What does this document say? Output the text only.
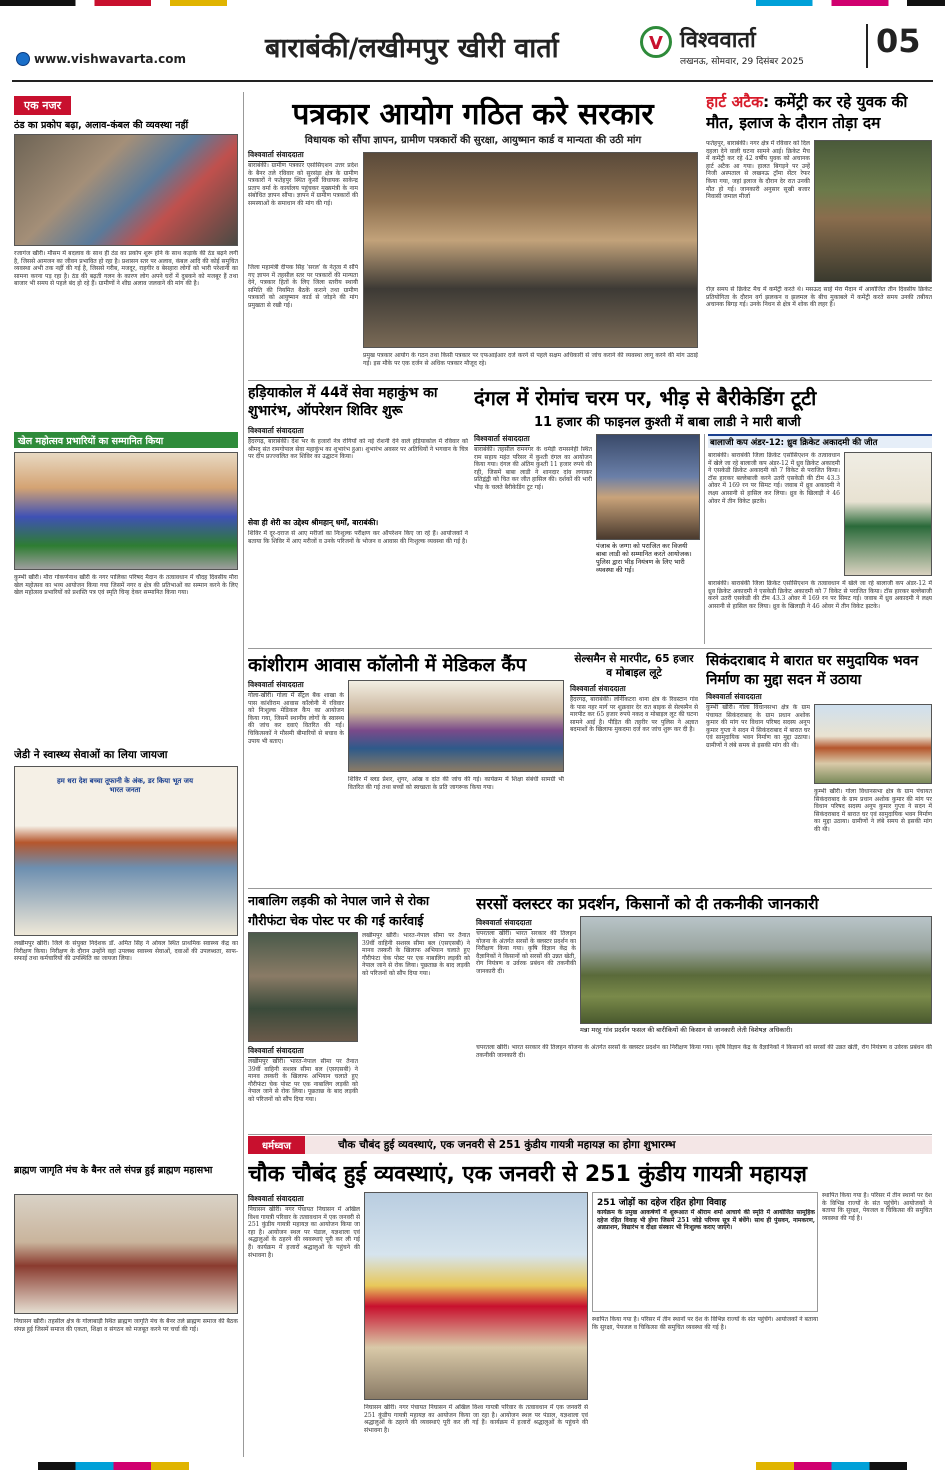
www.vishwavarta.com	बाराबंकी/लखीमपुर खीरी वार्ता	V विश्ववार्ता
लखनऊ, सोमवार, 29 दिसंबर 2025
05
एक नजर
ठंड का प्रकोप बढ़ा, अलाव-कंबल की व्यवस्था नहीं
रजागंज खीरी। मौसम में बदलाव के साथ ही ठंड का प्रकोप शुरू होने के साथ कड़ाके की ठंड बढ़ने लगी है, जिससे आमजन का जीवन प्रभावित हो रहा है। प्रशासन स्तर पर अलाव, कंबल आदि की कोई समुचित व्यवस्था अभी तक नहीं की गई है, जिससे गरीब, मजदूर, राहगीर व बेसहारा लोगों को भारी परेशानी का सामना करना पड़ रहा है। ठंड की बढ़ती गलन के कारण लोग अपने घरों में दुबकने को मजबूर हैं तथा बाजार भी समय से पहले बंद हो रहे हैं। ग्रामीणों ने शीघ्र अलाव जलवाने की मांग की है।
खेल महोत्सव प्रभारियों का सम्मानित किया
कुम्भी खीरी। मौरा गोकर्णनाथ खीरी के नगर पालिका परिषद मैदान के तत्वावधान में चौदह दिवसीय मौरा खेल महोत्सव का भव्य आयोजन किया गया जिसमें नगर व क्षेत्र की प्रतिभाओं का सम्मान करने के लिए खेल महोत्सव प्रभारियों को प्रशस्ति पत्र एवं स्मृति चिन्ह देकर सम्मानित किया गया।
जेडी ने स्वास्थ्य सेवाओं का लिया जायजा
हम धरा देश बच्चा तूफानी के अंक, डर किया भूत जय भारत जनता
लखीमपुर खीरी। जिले के संयुक्त निदेशक डॉ. अमित सिंह ने ओयल स्थित प्राथमिक स्वास्थ्य केंद्र का निरीक्षण किया। निरीक्षण के दौरान उन्होंने वहां उपलब्ध स्वास्थ्य सेवाओं, दवाओं की उपलब्धता, साफ-सफाई तथा कर्मचारियों की उपस्थिति का जायजा लिया।
ब्राह्मण जागृति मंच के बैनर तले संपन्न हुई ब्राह्मण महासभा
निघासन खीरी। तहसील क्षेत्र के गोलाबाड़ी स्थित ब्राह्मण जागृति मंच के बैनर तले ब्राह्मण समाज की बैठक संपन्न हुई जिसमें समाज की एकता, शिक्षा व संगठन को मजबूत करने पर चर्चा की गई।
पत्रकार आयोग गठित करे सरकार
विधायक को सौंपा ज्ञापन, ग्रामीण पत्रकारों की सुरक्षा, आयुष्मान कार्ड व मान्यता की उठी मांग
विश्ववार्ता संवाददाता
बाराबंकी। ग्रामीण पत्रकार एसोसिएशन उत्तर प्रदेश के बैनर तले रविवार को सुरसंड़ा क्षेत्र के ग्रामीण पत्रकारों ने फतेहपुर स्थित कुर्सी विधायक साकेन्द्र प्रताप वर्मा के कार्यालय पहुंचकर मुख्यमंत्री के नाम संबोधित ज्ञापन सौंपा। ज्ञापन में ग्रामीण पत्रकारों की समस्याओं के समाधान की मांग की गई।
जिला महामंत्री दीपक सिंह 'सरल' के नेतृत्व में सौंपे गए ज्ञापन में तहसील स्तर पर पत्रकारों की मान्यता देने, पत्रकार हितों के लिए जिला स्तरीय स्थायी समिति की नियमित बैठकें कराने तथा ग्रामीण पत्रकारों को आयुष्मान कार्ड से जोड़ने की मांग प्रमुखता से रखी गई।
प्रमुख पत्रकार आयोग के गठन तथा किसी पत्रकार पर एफआईआर दर्ज करने से पहले सक्षम अधिकारी से जांच कराने की व्यवस्था लागू करने की मांग उठाई गई। इस मौके पर एक दर्जन से अधिक पत्रकार मौजूद रहे।
हार्ट अटैक: कमेंट्री कर रहे युवक की मौत, इलाज के दौरान तोड़ा दम
फतेहपुर, बाराबंकी। नगर क्षेत्र में रविवार को दिल दहला देने वाली घटना सामने आई। क्रिकेट मैच में कमेंट्री कर रहे 42 वर्षीय युवक को अचानक हार्ट अटैक आ गया। हालत बिगड़ने पर उन्हें निजी अस्पताल से लखनऊ ट्रॉमा सेंटर रेफर किया गया, जहां इलाज के दौरान देर रात उनकी मौत हो गई। जानकारी अनुसार सूखी बजार निवासी जमाल मीर्जा
रोज़ समय से क्रिकेट मैच में कमेंट्री करते थे। मसऊद साहे मेरा मैदान में आयोजित तीन दिवसीय क्रिकेट प्रतियोगिता के दौरान वर्ग झलकन व झलमल के बीच मुकाबले में कमेंट्री करते समय उनकी तबीयत अचानक बिगड़ गई। उनके निधन से क्षेत्र में शोक की लहर है।
हड़ियाकोल में 44वें सेवा महाकुंभ का शुभारंभ, ऑपरेशन शिविर शुरू
विश्ववार्ता संवाददाता
हैदरगढ़, बाराबंकी। देश भर के हजारों नेत्र रोगियों को नई रोशनी देने वाले हड़ियाकोल में रविवार को श्रीमद् संत रामगोपाल सेवा महाकुंभ का शुभारंभ हुआ। शुभारंभ अवसर पर अतिथियों ने भगवान के चित्र पर दीप प्रज्ज्वलित कर शिविर का उद्घाटन किया।
सेवा ही शेरी का उद्देश्य श्रीमहान् धर्मों, बाराबंकी।
शिविर में दूर-दराज से आए मरीजों का निःशुल्क परीक्षण कर ऑपरेशन किए जा रहे हैं। आयोजकों ने बताया कि शिविर में आए मरीजों व उनके परिजनों के भोजन व आवास की निःशुल्क व्यवस्था की गई है।
दंगल में रोमांच चरम पर, भीड़ से बैरीकेडिंग टूटी
11 हजार की फाइनल कुश्ती में बाबा लाडी ने मारी बाजी
विश्ववार्ता संवाददाता
बाराबंकी। तहसील रामनगर के धमेड़ी रामसनेही स्थित राम सहाय महंत परिसर में कुश्ती दंगल का आयोजन किया गया। दंगल की अंतिम कुश्ती 11 हजार रुपये की रही, जिसमें बाबा लाडी ने शानदार दांव लगाकर प्रतिद्वंद्वी को चित कर जीत हासिल की। दर्शकों की भारी भीड़ के चलते बैरीकेडिंग टूट गई।
पंजाब के जग्गा को पराजित कर विजयी बाबा लाडी को सम्मानित करते आयोजक। पुलिस द्वारा भीड़ नियंत्रण के लिए भारी व्यवस्था की गई।
बालाजी कप अंडर-12: ध्रुव क्रिकेट अकादमी की जीत
बाराबंकी। बाराबंकी जिला क्रिकेट एसोसिएशन के तत्वावधान में खेले जा रहे बालाजी कप अंडर-12 में ध्रुव क्रिकेट अकादमी ने एसकेडी क्रिकेट अकादमी को 7 विकेट से पराजित किया। टॉस हारकर बल्लेबाजी करने उतरी एसकेडी की टीम 43.3 ओवर में 169 रन पर सिमट गई। जवाब में ध्रुव अकादमी ने लक्ष्य आसानी से हासिल कर लिया। ध्रुव के खिलाड़ी ने 46 ओवर में तीन विकेट झटके।
बाराबंकी। बाराबंकी जिला क्रिकेट एसोसिएशन के तत्वावधान में खेले जा रहे बालाजी कप अंडर-12 में ध्रुव क्रिकेट अकादमी ने एसकेडी क्रिकेट अकादमी को 7 विकेट से पराजित किया। टॉस हारकर बल्लेबाजी करने उतरी एसकेडी की टीम 43.3 ओवर में 169 रन पर सिमट गई। जवाब में ध्रुव अकादमी ने लक्ष्य आसानी से हासिल कर लिया। ध्रुव के खिलाड़ी ने 46 ओवर में तीन विकेट झटके।
कांशीराम आवास कॉलोनी में मेडिकल कैंप
विश्ववार्ता संवाददाता
गोला-खीरी। गोला में सेंट्रल बैंक शाखा के पास कांशीराम आवास कॉलोनी में रविवार को निःशुल्क मेडिकल कैंप का आयोजन किया गया, जिसमें स्थानीय लोगों के स्वास्थ्य की जांच कर दवाएं वितरित की गईं। चिकित्सकों ने मौसमी बीमारियों से बचाव के उपाय भी बताए।
शिविर में ब्लड प्रेशर, शुगर, आंख व दांत की जांच की गई। कार्यक्रम में शिक्षा संबंधी सामग्री भी वितरित की गई तथा बच्चों को स्वच्छता के प्रति जागरूक किया गया।
सेल्समैन से मारपीट, 65 हजार व मोबाइल लूटे
विश्ववार्ता संवाददाता
हैदरगढ़, बाराबंकी। लोनीकटरा थाना क्षेत्र के रिवस्टान गांव के पास नहर मार्ग पर शुक्रवार देर रात बाइक से सेल्समैन से मारपीट कर 65 हजार रुपये नकद व मोबाइल लूट की घटना सामने आई है। पीड़ित की तहरीर पर पुलिस ने अज्ञात बदमाशों के खिलाफ मुकदमा दर्ज कर जांच शुरू कर दी है।
सिकंदराबाद मे बारात घर समुदायिक भवन निर्माण का मुद्दा सदन में उठाया
विश्ववार्ता संवाददाता
कुम्भी खीरी। गोला विधानसभा क्षेत्र के ग्राम पंचायत सिकंदराबाद के ग्राम प्रधान अशोक कुमार की मांग पर विधान परिषद सदस्य अनूप कुमार गुप्ता ने सदन में सिकंदराबाद में बारात घर एवं सामुदायिक भवन निर्माण का मुद्दा उठाया। ग्रामीणों ने लंबे समय से इसकी मांग की थी।
कुम्भी खीरी। गोला विधानसभा क्षेत्र के ग्राम पंचायत सिकंदराबाद के ग्राम प्रधान अशोक कुमार की मांग पर विधान परिषद सदस्य अनूप कुमार गुप्ता ने सदन में सिकंदराबाद में बारात घर एवं सामुदायिक भवन निर्माण का मुद्दा उठाया। ग्रामीणों ने लंबे समय से इसकी मांग की थी।
नाबालिग लड़की को नेपाल जाने से रोका
गौरीफंटा चेक पोस्ट पर की गई कार्रवाई
विश्ववार्ता संवाददाता
लखीमपुर खीरी। भारत-नेपाल सीमा पर तैनात 39वीं वाहिनी सशस्त्र सीमा बल (एसएसबी) ने मानव तस्करी के खिलाफ अभियान चलाते हुए गौरीफंटा चेक पोस्ट पर एक नाबालिग लड़की को नेपाल जाने से रोक लिया। पूछताछ के बाद लड़की को परिजनों को सौंप दिया गया।
लखीमपुर खीरी। भारत-नेपाल सीमा पर तैनात 39वीं वाहिनी सशस्त्र सीमा बल (एसएसबी) ने मानव तस्करी के खिलाफ अभियान चलाते हुए गौरीफंटा चेक पोस्ट पर एक नाबालिग लड़की को नेपाल जाने से रोक लिया। पूछताछ के बाद लड़की को परिजनों को सौंप दिया गया।
सरसों क्लस्टर का प्रदर्शन, किसानों को दी तकनीकी जानकारी
विश्ववार्ता संवाददाता
चपरतला खीरी। भारत सरकार की तिलहन योजना के अंतर्गत सरसों के क्लस्टर प्रदर्शन का निरीक्षण किया गया। कृषि विज्ञान केंद्र के वैज्ञानिकों ने किसानों को सरसों की उन्नत खेती, रोग नियंत्रण व उर्वरक प्रबंधन की तकनीकी जानकारी दी।
मन्ना मरहू गांव प्रदर्शन फसल की बारीकियों की किसान से जानकारी लेती विशेषज्ञ अधिकारी।
चपरतला खीरी। भारत सरकार की तिलहन योजना के अंतर्गत सरसों के क्लस्टर प्रदर्शन का निरीक्षण किया गया। कृषि विज्ञान केंद्र के वैज्ञानिकों ने किसानों को सरसों की उन्नत खेती, रोग नियंत्रण व उर्वरक प्रबंधन की तकनीकी जानकारी दी।
धर्मध्वज	चौक चौबंद हुई व्यवस्थाएं, एक जनवरी से 251 कुंडीय गायत्री महायज्ञ का होगा शुभारम्भ
चौक चौबंद हुई व्यवस्थाएं, एक जनवरी से 251 कुंडीय गायत्री महायज्ञ
विश्ववार्ता संवाददाता
निघासन खीरी। नगर पंचायत निघासन में अखिल विश्व गायत्री परिवार के तत्वावधान में एक जनवरी से 251 कुंडीय गायत्री महायज्ञ का आयोजन किया जा रहा है। आयोजन स्थल पर पंडाल, यज्ञशाला एवं श्रद्धालुओं के ठहरने की व्यवस्थाएं पूरी कर ली गई हैं। कार्यक्रम में हजारों श्रद्धालुओं के पहुंचने की संभावना है।
निघासन खीरी। नगर पंचायत निघासन में अखिल विश्व गायत्री परिवार के तत्वावधान में एक जनवरी से 251 कुंडीय गायत्री महायज्ञ का आयोजन किया जा रहा है। आयोजन स्थल पर पंडाल, यज्ञशाला एवं श्रद्धालुओं के ठहरने की व्यवस्थाएं पूरी कर ली गई हैं। कार्यक्रम में हजारों श्रद्धालुओं के पहुंचने की संभावना है।
251 जोड़ों का दहेज रहित होगा विवाह
कार्यक्रम के प्रमुख आकर्षणों में शुरूआत में श्रीराम शर्मा आचार्य की स्मृति में आयोजित सामूहिक दहेज रहित विवाह भी होगा जिसमें 251 जोड़े परिणय सूत्र में बंधेंगे। साथ ही पुंसवन, नामकरण, अन्नप्राशन, विद्यारंभ व दीक्षा संस्कार भी निःशुल्क कराए जाएंगे।
स्थापित किया गया है। परिसर में तीन स्थानों पर देश के विभिन्न राज्यों के संत पहुंचेंगे। आयोजकों ने बताया कि सुरक्षा, पेयजल व चिकित्सा की समुचित व्यवस्था की गई है।
स्थापित किया गया है। परिसर में तीन स्थानों पर देश के विभिन्न राज्यों के संत पहुंचेंगे। आयोजकों ने बताया कि सुरक्षा, पेयजल व चिकित्सा की समुचित व्यवस्था की गई है।
